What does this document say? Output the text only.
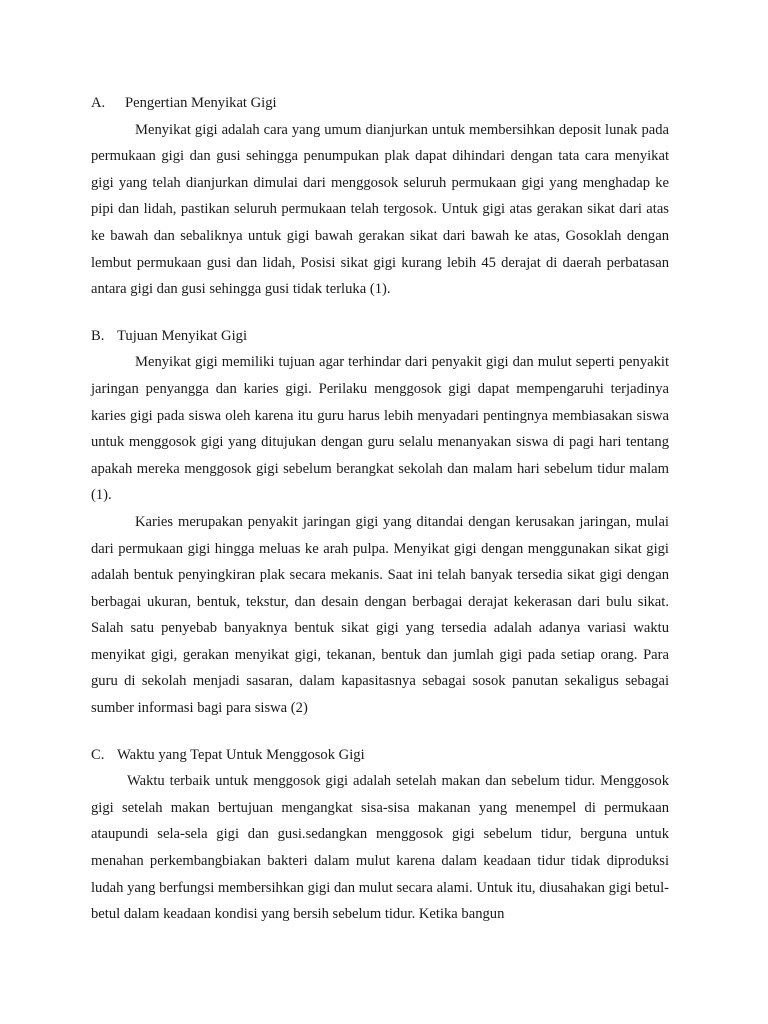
A. Pengertian Menyikat Gigi

Menyikat gigi adalah cara yang umum dianjurkan untuk membersihkan deposit lunak pada permukaan gigi dan gusi sehingga penumpukan plak dapat dihindari dengan tata cara menyikat gigi yang telah dianjurkan dimulai dari menggosok seluruh permukaan gigi yang menghadap ke pipi dan lidah, pastikan seluruh permukaan telah tergosok. Untuk gigi atas gerakan sikat dari atas ke bawah dan sebaliknya untuk gigi bawah gerakan sikat dari bawah ke atas, Gosoklah dengan lembut permukaan gusi dan lidah, Posisi sikat gigi kurang lebih 45 derajat di daerah perbatasan antara gigi dan gusi sehingga gusi tidak terluka (1).

B. Tujuan Menyikat Gigi

Menyikat gigi memiliki tujuan agar terhindar dari penyakit gigi dan mulut seperti penyakit jaringan penyangga dan karies gigi. Perilaku menggosok gigi dapat mempengaruhi terjadinya karies gigi pada siswa oleh karena itu guru harus lebih menyadari pentingnya membiasakan siswa untuk menggosok gigi yang ditujukan dengan guru selalu menanyakan siswa di pagi hari tentang apakah mereka menggosok gigi sebelum berangkat sekolah dan malam hari sebelum tidur malam (1).

Karies merupakan penyakit jaringan gigi yang ditandai dengan kerusakan jaringan, mulai dari permukaan gigi hingga meluas ke arah pulpa. Menyikat gigi dengan menggunakan sikat gigi adalah bentuk penyingkiran plak secara mekanis. Saat ini telah banyak tersedia sikat gigi dengan berbagai ukuran, bentuk, tekstur, dan desain dengan berbagai derajat kekerasan dari bulu sikat. Salah satu penyebab banyaknya bentuk sikat gigi yang tersedia adalah adanya variasi waktu menyikat gigi, gerakan menyikat gigi, tekanan, bentuk dan jumlah gigi pada setiap orang. Para guru di sekolah menjadi sasaran, dalam kapasitasnya sebagai sosok panutan sekaligus sebagai sumber informasi bagi para siswa (2)

C. Waktu yang Tepat Untuk Menggosok Gigi

Waktu terbaik untuk menggosok gigi adalah setelah makan dan sebelum tidur. Menggosok gigi setelah makan bertujuan mengangkat sisa-sisa makanan yang menempel di permukaan ataupundi sela-sela gigi dan gusi.sedangkan menggosok gigi sebelum tidur, berguna untuk menahan perkembangbiakan bakteri dalam mulut karena dalam keadaan tidur tidak diproduksi ludah yang berfungsi membersihkan gigi dan mulut secara alami. Untuk itu, diusahakan gigi betul-betul dalam keadaan kondisi yang bersih sebelum tidur. Ketika bangun
